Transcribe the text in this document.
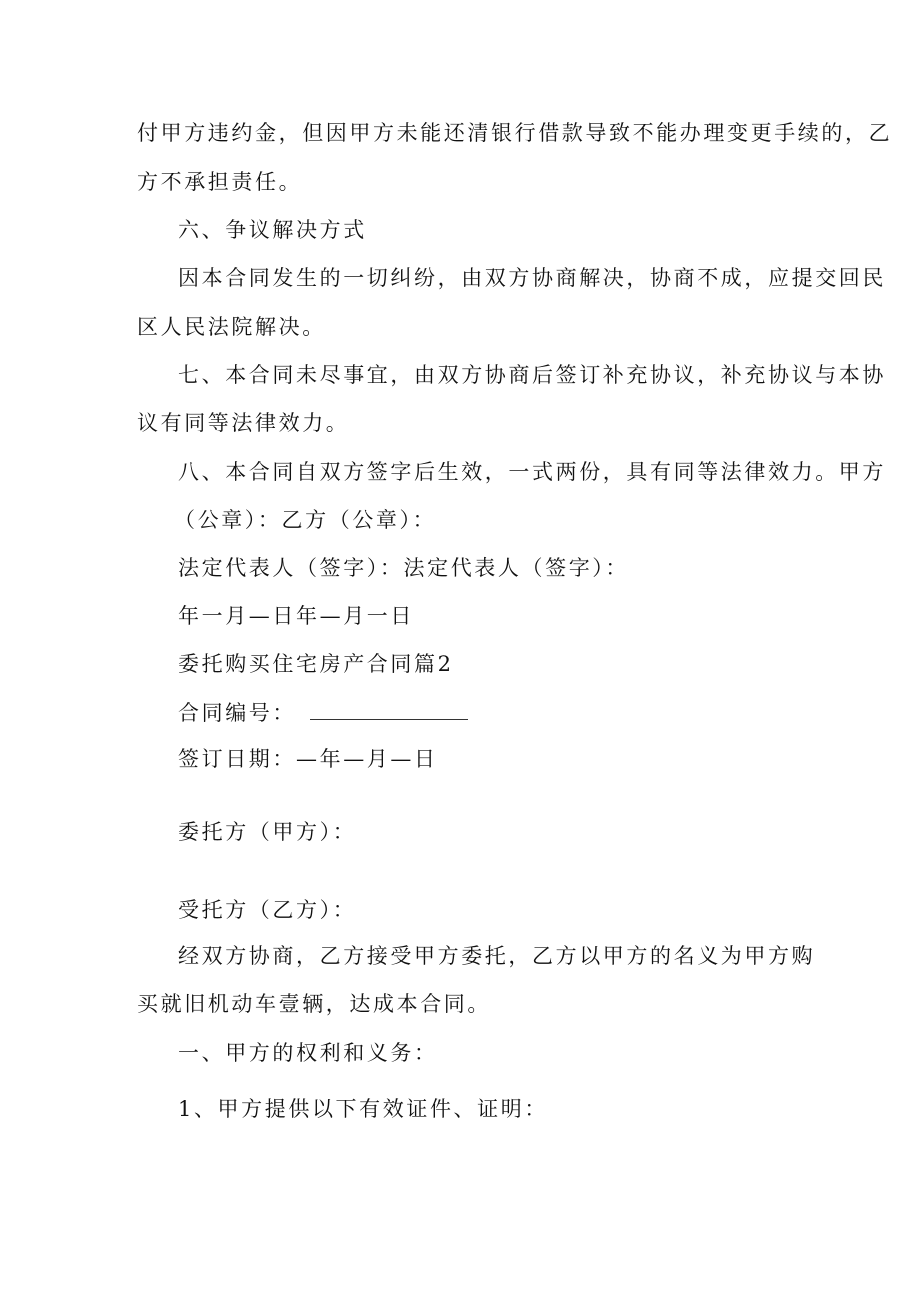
付甲方违约金，但因甲方未能还清银行借款导致不能办理变更手续的，乙
方不承担责任。
六、争议解决方式
因本合同发生的一切纠纷，由双方协商解决，协商不成，应提交回民
区人民法院解决。
七、本合同未尽事宜，由双方协商后签订补充协议，补充协议与本协
议有同等法律效力。
八、本合同自双方签字后生效，一式两份，具有同等法律效力。甲方
（公章）：乙方（公章）：
法定代表人（签字）：法定代表人（签字）：
年一月—日年—月一日
委托购买住宅房产合同篇2
合同编号：
签订日期：—年—月—日
委托方（甲方）：
受托方（乙方）：
经双方协商，乙方接受甲方委托，乙方以甲方的名义为甲方购
买就旧机动车壹辆，达成本合同。
一、甲方的权利和义务：
1、甲方提供以下有效证件、证明：
